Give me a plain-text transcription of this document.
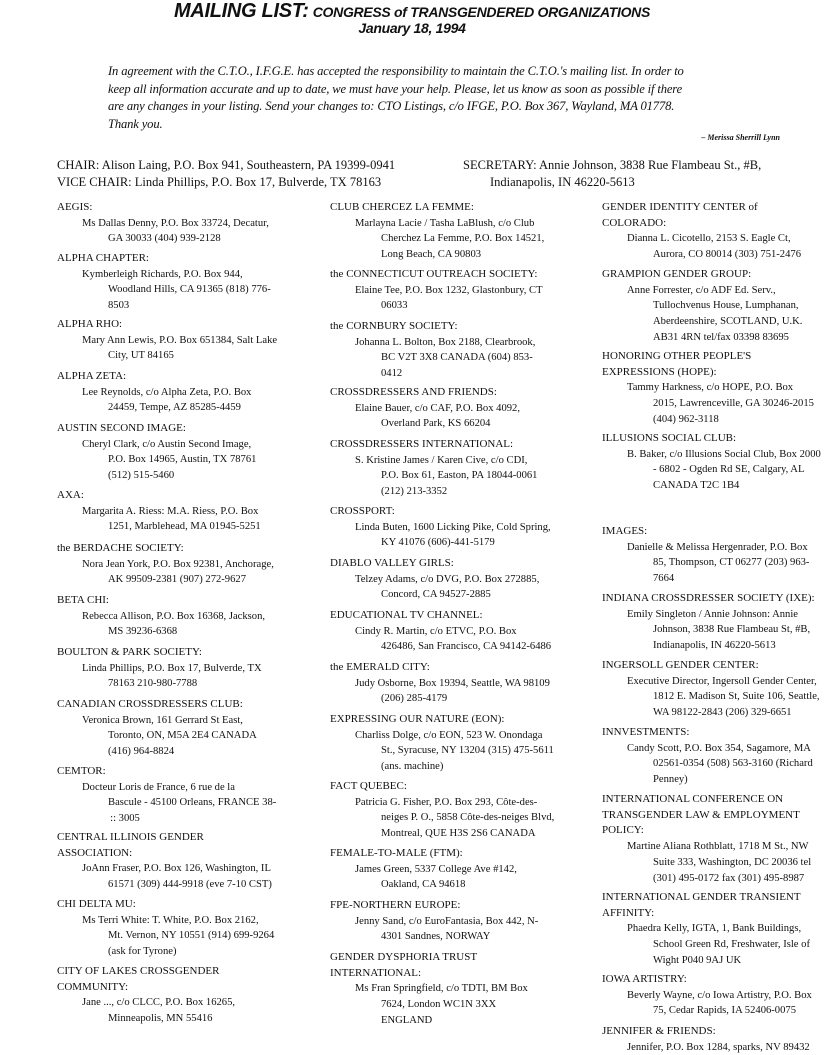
MAILING LIST: CONGRESS of TRANSGENDERED ORGANIZATIONS
January 18, 1994
In agreement with the C.T.O., I.F.G.E. has accepted the responsibility to maintain the C.T.O.'s mailing list. In order to
keep all information accurate and up to date, we must have your help. Please, let us know as soon as possible if there
are any changes in your listing. Send your changes to: CTO Listings, c/o IFGE, P.O. Box 367, Wayland, MA 01778.
Thank you.
– Merissa Sherrill Lynn
CHAIR: Alison Laing, P.O. Box 941, Southeastern, PA 19399-0941
VICE CHAIR: Linda Phillips, P.O. Box 17, Bulverde, TX 78163
SECRETARY: Annie Johnson, 3838 Rue Flambeau St., #B,
Indianapolis, IN 46220-5613
AEGIS:
Ms Dallas Denny, P.O. Box 33724, Decatur,
GA 30033 (404) 939-2128
ALPHA CHAPTER:
Kymberleigh Richards, P.O. Box 944,
Woodland Hills, CA 91365 (818) 776-
8503
ALPHA RHO:
Mary Ann Lewis, P.O. Box 651384, Salt Lake
City, UT 84165
ALPHA ZETA:
Lee Reynolds, c/o Alpha Zeta, P.O. Box
24459, Tempe, AZ 85285-4459
AUSTIN SECOND IMAGE:
Cheryl Clark, c/o Austin Second Image,
P.O. Box 14965, Austin, TX 78761
(512) 515-5460
AXA:
Margarita A. Riess: M.A. Riess, P.O. Box
1251, Marblehead, MA 01945-5251
the BERDACHE SOCIETY:
Nora Jean York, P.O. Box 92381, Anchorage,
AK 99509-2381 (907) 272-9627
BETA CHI:
Rebecca Allison, P.O. Box 16368, Jackson,
MS 39236-6368
BOULTON & PARK SOCIETY:
Linda Phillips, P.O. Box 17, Bulverde, TX
78163 210-980-7788
CANADIAN CROSSDRESSERS CLUB:
Veronica Brown, 161 Gerrard St East,
Toronto, ON, M5A 2E4 CANADA
(416) 964-8824
CEMTOR:
Docteur Loris de France, 6 rue de la
Bascule - 45100 Orleans, FRANCE 38-
 :: 3005
CENTRAL ILLINOIS GENDER
ASSOCIATION:
JoAnn Fraser, P.O. Box 126, Washington, IL
61571 (309) 444-9918 (eve 7-10 CST)
CHI DELTA MU:
Ms Terri White: T. White, P.O. Box 2162,
Mt. Vernon, NY 10551 (914) 699-9264
(ask for Tyrone)
CITY OF LAKES CROSSGENDER
COMMUNITY:
Jane ..., c/o CLCC, P.O. Box 16265,
Minneapolis, MN 55416
CLUB CHERCEZ LA FEMME:
Marlayna Lacie / Tasha LaBlush, c/o Club
Cherchez La Femme, P.O. Box 14521,
Long Beach, CA 90803
the CONNECTICUT OUTREACH SOCIETY:
Elaine Tee, P.O. Box 1232, Glastonbury, CT
06033
the CORNBURY SOCIETY:
Johanna L. Bolton, Box 2188, Clearbrook,
BC V2T 3X8 CANADA (604) 853-
0412
CROSSDRESSERS AND FRIENDS:
Elaine Bauer, c/o CAF, P.O. Box 4092,
Overland Park, KS 66204
CROSSDRESSERS INTERNATIONAL:
S. Kristine James / Karen Cive, c/o CDI,
P.O. Box 61, Easton, PA 18044-0061
(212) 213-3352
CROSSPORT:
Linda Buten, 1600 Licking Pike, Cold Spring,
KY 41076 (606)-441-5179
DIABLO VALLEY GIRLS:
Telzey Adams, c/o DVG, P.O. Box 272885,
Concord, CA 94527-2885
EDUCATIONAL TV CHANNEL:
Cindy R. Martin, c/o ETVC, P.O. Box
426486, San Francisco, CA 94142-6486
the EMERALD CITY:
Judy Osborne, Box 19394, Seattle, WA 98109
(206) 285-4179
EXPRESSING OUR NATURE (EON):
Charliss Dolge, c/o EON, 523 W. Onondaga
St., Syracuse, NY 13204 (315) 475-5611
(ans. machine)
FACT QUEBEC:
Patricia G. Fisher, P.O. Box 293, Côte-des-
neiges P. O., 5858 Côte-des-neiges Blvd,
Montreal, QUE H3S 2S6 CANADA
FEMALE-TO-MALE (FTM):
James Green, 5337 College Ave #142,
Oakland, CA 94618
FPE-NORTHERN EUROPE:
Jenny Sand, c/o EuroFantasia, Box 442, N-
4301 Sandnes, NORWAY
GENDER DYSPHORIA TRUST
INTERNATIONAL:
Ms Fran Springfield, c/o TDTI, BM Box
7624, London WC1N 3XX
ENGLAND
GENDER IDENTITY CENTER of
COLORADO:
Dianna L. Cicotello, 2153 S. Eagle Ct,
Aurora, CO 80014 (303) 751-2476
GRAMPION GENDER GROUP:
Anne Forrester, c/o ADF Ed. Serv.,
Tullochvenus House, Lumphanan,
Aberdeenshire, SCOTLAND, U.K.
AB31 4RN tel/fax 03398 83695
HONORING OTHER PEOPLE'S
EXPRESSIONS (HOPE):
Tammy Harkness, c/o HOPE, P.O. Box
2015, Lawrenceville, GA 30246-2015
(404) 962-3118
ILLUSIONS SOCIAL CLUB:
B. Baker, c/o Illusions Social Club, Box 2000
- 6802 - Ogden Rd SE, Calgary, AL
CANADA T2C 1B4
IMAGES:
Danielle & Melissa Hergenrader, P.O. Box
85, Thompson, CT 06277 (203) 963-
7664
INDIANA CROSSDRESSER SOCIETY (IXE):
Emily Singleton / Annie Johnson: Annie
Johnson, 3838 Rue Flambeau St, #B,
Indianapolis, IN 46220-5613
INGERSOLL GENDER CENTER:
Executive Director, Ingersoll Gender Center,
1812 E. Madison St, Suite 106, Seattle,
WA 98122-2843 (206) 329-6651
INNVESTMENTS:
Candy Scott, P.O. Box 354, Sagamore, MA
02561-0354 (508) 563-3160 (Richard
Penney)
INTERNATIONAL CONFERENCE ON
TRANSGENDER LAW & EMPLOYMENT
POLICY:
Martine Aliana Rothblatt, 1718 M St., NW
Suite 333, Washington, DC 20036 tel
(301) 495-0172 fax (301) 495-8987
INTERNATIONAL GENDER TRANSIENT
AFFINITY:
Phaedra Kelly, IGTA, 1, Bank Buildings,
School Green Rd, Freshwater, Isle of
Wight P040 9AJ UK
IOWA ARTISTRY:
Beverly Wayne, c/o Iowa Artistry, P.O. Box
75, Cedar Rapids, IA 52406-0075
JENNIFER & FRIENDS:
Jennifer, P.O. Box 1284, sparks, NV 89432
